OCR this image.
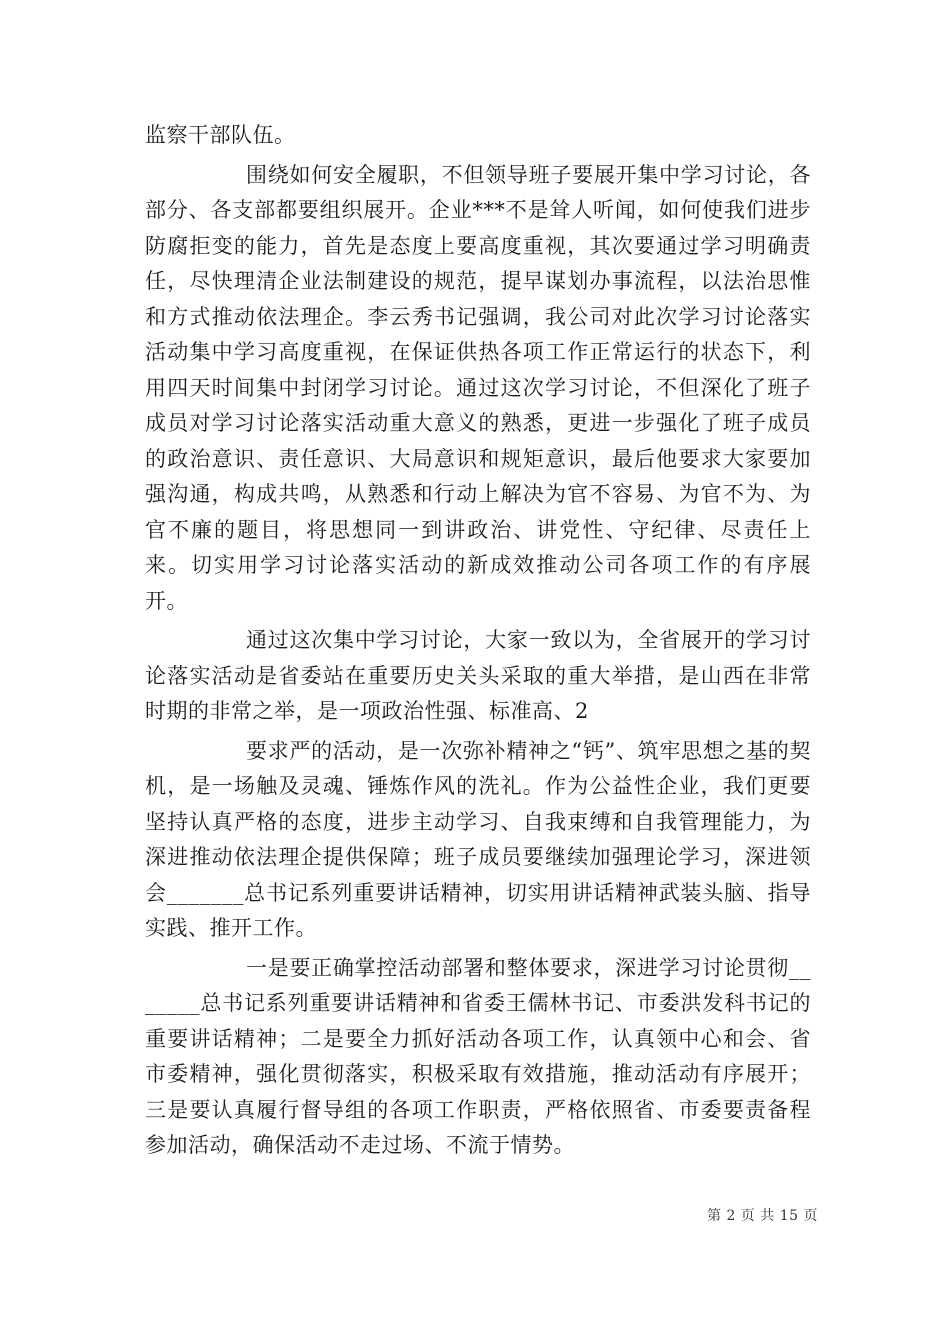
监察干部队伍。

围绕如何安全履职，不但领导班子要展开集中学习讨论，各部分、各支部都要组织展开。企业***不是耸人听闻，如何使我们进步防腐拒变的能力，首先是态度上要高度重视，其次要通过学习明确责任，尽快理清企业法制建设的规范，提早谋划办事流程，以法治思惟和方式推动依法理企。李云秀书记强调，我公司对此次学习讨论落实活动集中学习高度重视，在保证供热各项工作正常运行的状态下，利用四天时间集中封闭学习讨论。通过这次学习讨论，不但深化了班子成员对学习讨论落实活动重大意义的熟悉，更进一步强化了班子成员的政治意识、责任意识、大局意识和规矩意识，最后他要求大家要加强沟通，构成共鸣，从熟悉和行动上解决为官不容易、为官不为、为官不廉的题目，将思想同一到讲政治、讲党性、守纪律、尽责任上来。切实用学习讨论落实活动的新成效推动公司各项工作的有序展开。

通过这次集中学习讨论，大家一致以为，全省展开的学习讨论落实活动是省委站在重要历史关头采取的重大举措，是山西在非常时期的非常之举，是一项政治性强、标准高、2

要求严的活动，是一次弥补精神之“钙”、筑牢思想之基的契机，是一场触及灵魂、锤炼作风的洗礼。作为公益性企业，我们更要坚持认真严格的态度，进步主动学习、自我束缚和自我管理能力，为深进推动依法理企提供保障；班子成员要继续加强理论学习，深进领会_______总书记系列重要讲话精神，切实用讲话精神武装头脑、指导实践、推开工作。

一是要正确掌控活动部署和整体要求，深进学习讨论贯彻_______总书记系列重要讲话精神和省委王儒林书记、市委洪发科书记的重要讲话精神；二是要全力抓好活动各项工作，认真领中心和会、省市委精神，强化贯彻落实，积极采取有效措施，推动活动有序展开；三是要认真履行督导组的各项工作职责，严格依照省、市委要责备程参加活动，确保活动不走过场、不流于情势。

第 2 页 共 15 页
